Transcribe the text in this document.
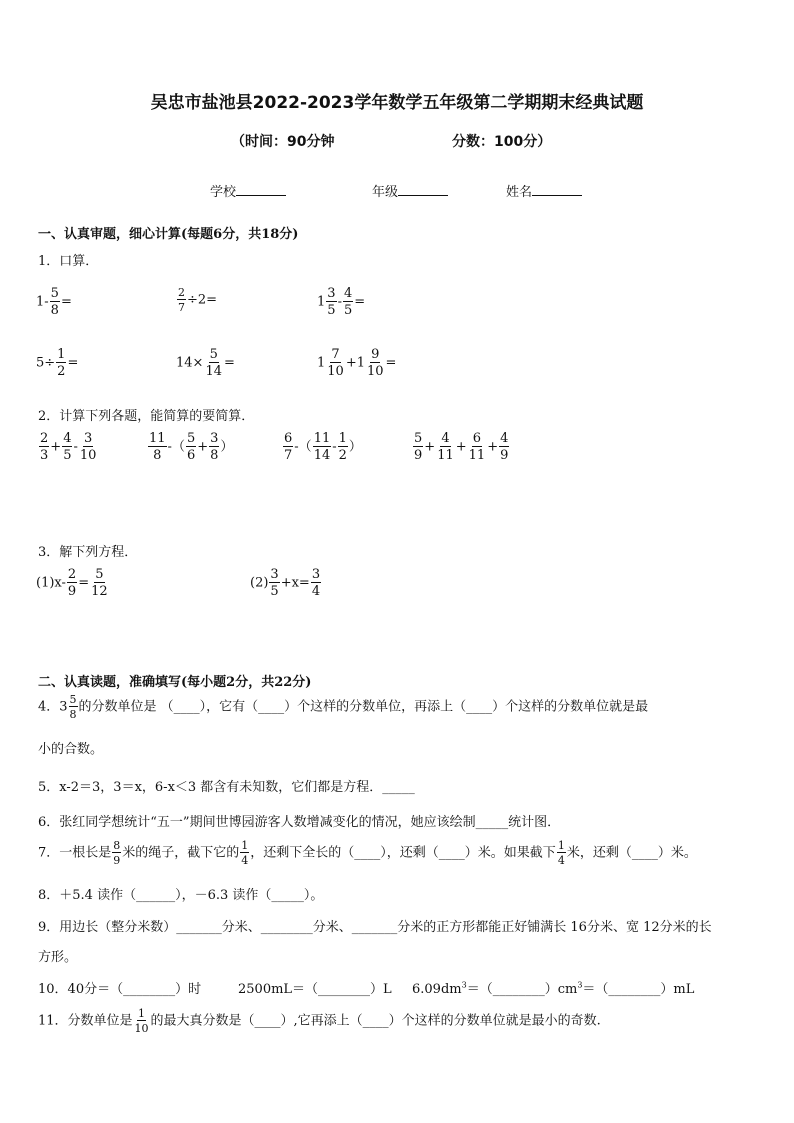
吴忠市盐池县2022-2023学年数学五年级第二学期期末经典试题
（时间：90分钟	分数：100分）
学校	年级	姓名
一、认真审题，细心计算(每题6分，共18分)
1．口算．
$1- \frac{5}{8}$ =	$\frac{2}{7} \div 2=$	$1 \frac{3}{5} - \frac{4}{5}$ =
$5\div \frac{1}{2}$ =	$14\times \frac{5}{14}$ =	$1 \frac{7}{10} +1 \frac{9}{10}$ =
2．计算下列各题，能简算的要简算．
$\frac{2}{3} + \frac{4}{5} - \frac{3}{10}$	$\frac{11}{8}$ -（ $\frac{5}{6} + \frac{3}{8}$ ）	$\frac{6}{7}$ -（ $\frac{11}{14} - \frac{1}{2}$ ）	$\frac{5}{9} + \frac{4}{11} + \frac{6}{11} + \frac{4}{9}$
3．解下列方程．
$(1)x- \frac{2}{9} = \frac{5}{12}$	$(2) \frac{3}{5} +x= \frac{3}{4}$
二、认真读题，准确填写(每小题2分，共22分)
4．$3 \frac{5}{8}$ 的分数单位是 （____），它有（____）个这样的分数单位，再添上（____）个这样的分数单位就是最
小的合数。
5．x-2＝3，3＝x，6-x＜3 都含有未知数，它们都是方程．_____
6．张红同学想统计“五一”期间世博园游客人数增减变化的情况，她应该绘制_____统计图．
7．一根长是 $\frac{8}{9}$ 米的绳子，截下它的 $\frac{1}{4}$ ，还剩下全长的（____），还剩（____）米。如果截下 $\frac{1}{4}$ 米，还剩（____）米。
8．＋5.4 读作（______），－6.3 读作（_____）。
9．用边长（整分米数）_______分米、________分米、_______分米的正方形都能正好铺满长 16分米、宽 12分米的长
方形。
10．40分＝（________）时	2500mL＝（________）L $6.09dm^3=(\_\_\_\_\_\_\_\_)cm^3=(\_\_\_\_\_\_\_\_)mL$
11．分数单位是 $\frac{1}{10}$ 的最大真分数是（____）,它再添上（____）个这样的分数单位就是最小的奇数.
